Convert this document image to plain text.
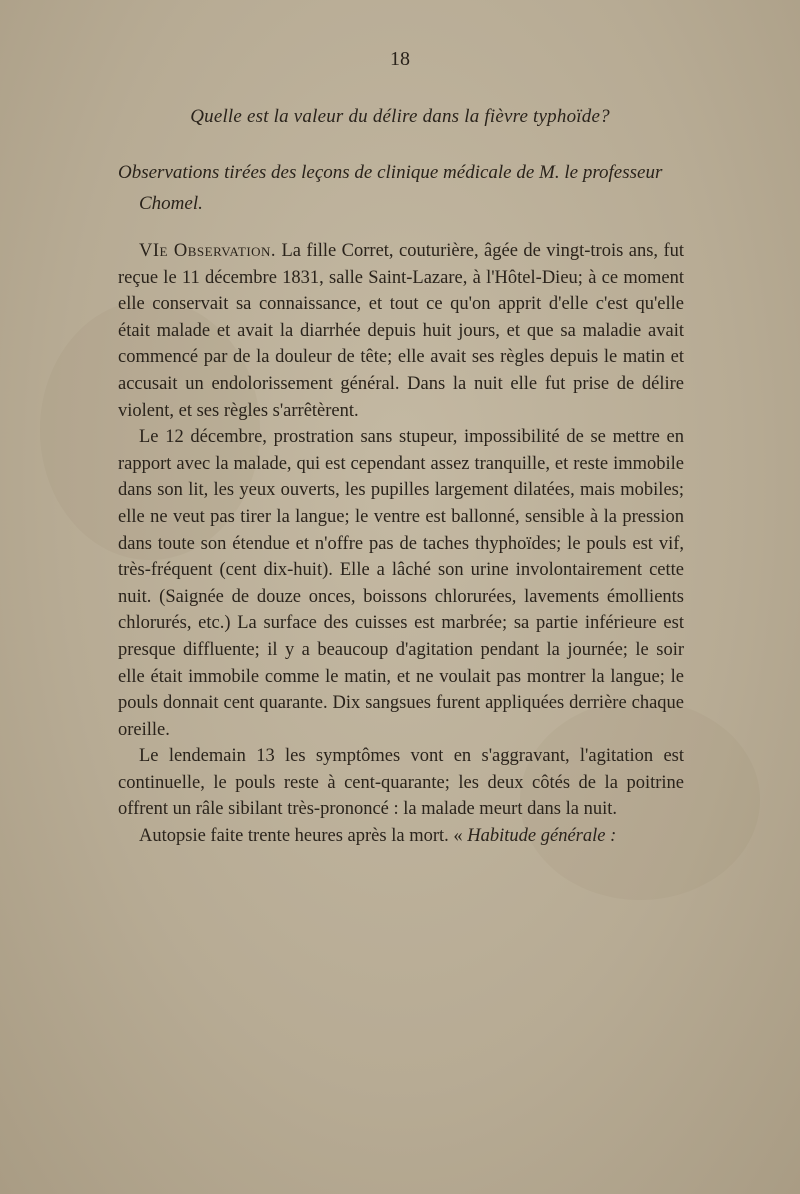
18
Quelle est la valeur du délire dans la fièvre typhoïde?
Observations tirées des leçons de clinique médicale de M. le professeur
Chomel.

VIe Observation. La fille Corret, couturière, âgée de vingt-trois ans, fut reçue le 11 décembre 1831, salle Saint-Lazare, à l'Hôtel-Dieu; à ce moment elle conservait sa connaissance, et tout ce qu'on apprit d'elle c'est qu'elle était malade et avait la diarrhée depuis huit jours, et que sa maladie avait commencé par de la douleur de tête; elle avait ses règles depuis le matin et accusait un endolorissement général. Dans la nuit elle fut prise de délire violent, et ses règles s'arrêtèrent.

Le 12 décembre, prostration sans stupeur, impossibilité de se mettre en rapport avec la malade, qui est cependant assez tranquille, et reste immobile dans son lit, les yeux ouverts, les pupilles largement dilatées, mais mobiles; elle ne veut pas tirer la langue; le ventre est ballonné, sensible à la pression dans toute son étendue et n'offre pas de taches thyphoïdes; le pouls est vif, très-fréquent (cent dix-huit). Elle a lâché son urine involontairement cette nuit. (Saignée de douze onces, boissons chlorurées, lavements émollients chlorurés, etc.) La surface des cuisses est marbrée; sa partie inférieure est presque diffluente; il y a beaucoup d'agitation pendant la journée; le soir elle était immobile comme le matin, et ne voulait pas montrer la langue; le pouls donnait cent quarante. Dix sangsues furent appliquées derrière chaque oreille.

Le lendemain 13 les symptômes vont en s'aggravant, l'agitation est continuelle, le pouls reste à cent-quarante; les deux côtés de la poitrine offrent un râle sibilant très-prononcé : la malade meurt dans la nuit.

Autopsie faite trente heures après la mort. « Habitude générale :
